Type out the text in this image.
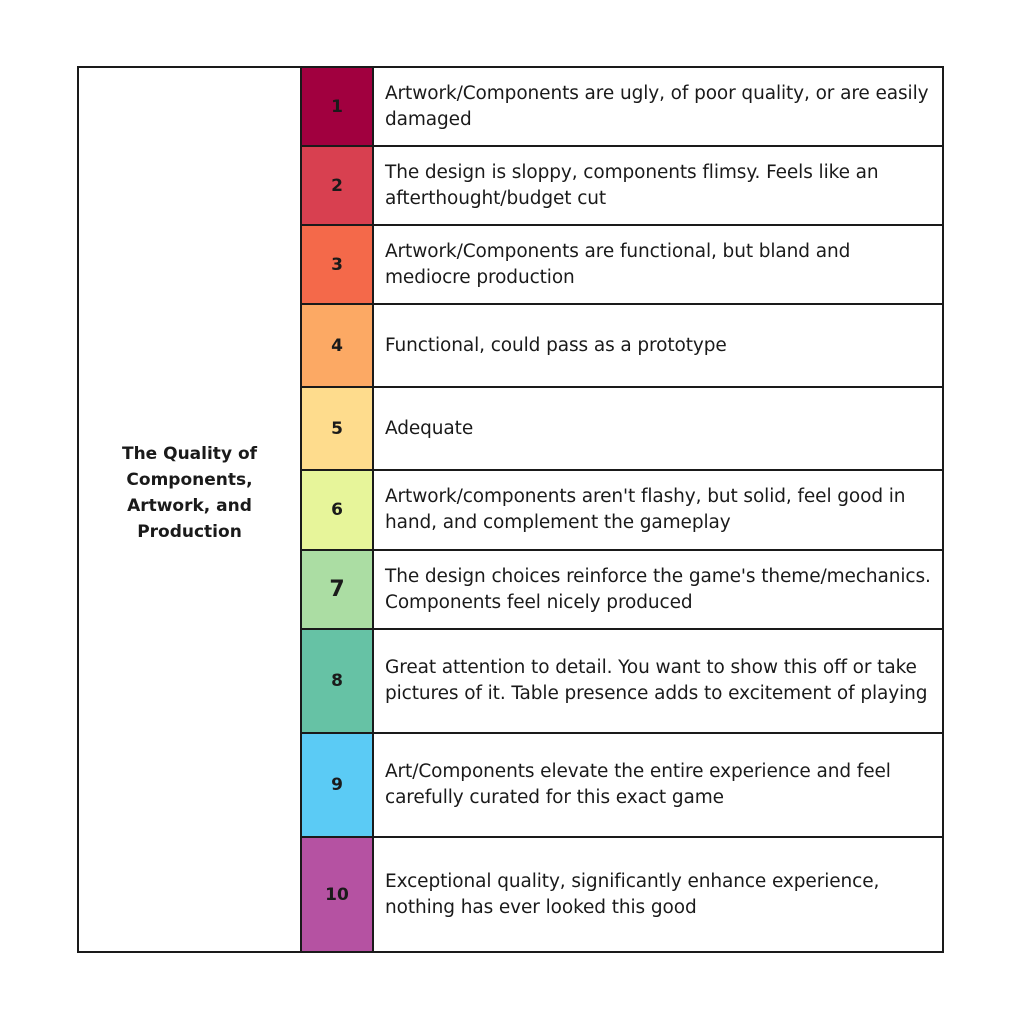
The Quality of Components, Artwork, and Production
1
Artwork/Components are ugly, of poor quality, or are easily damaged
2
The design is sloppy, components flimsy. Feels like an afterthought/budget cut
3
Artwork/Components are functional, but bland and mediocre production
4	Functional, could pass as a prototype
5	Adequate
6
Artwork/components aren't flashy, but solid, feel good in hand, and complement the gameplay
7
The design choices reinforce the game's theme/mechanics. Components feel nicely produced
8
Great attention to detail. You want to show this off or take pictures of it. Table presence adds to excitement of playing
9
Art/Components elevate the entire experience and feel carefully curated for this exact game
10
Exceptional quality, significantly enhance experience, nothing has ever looked this good
